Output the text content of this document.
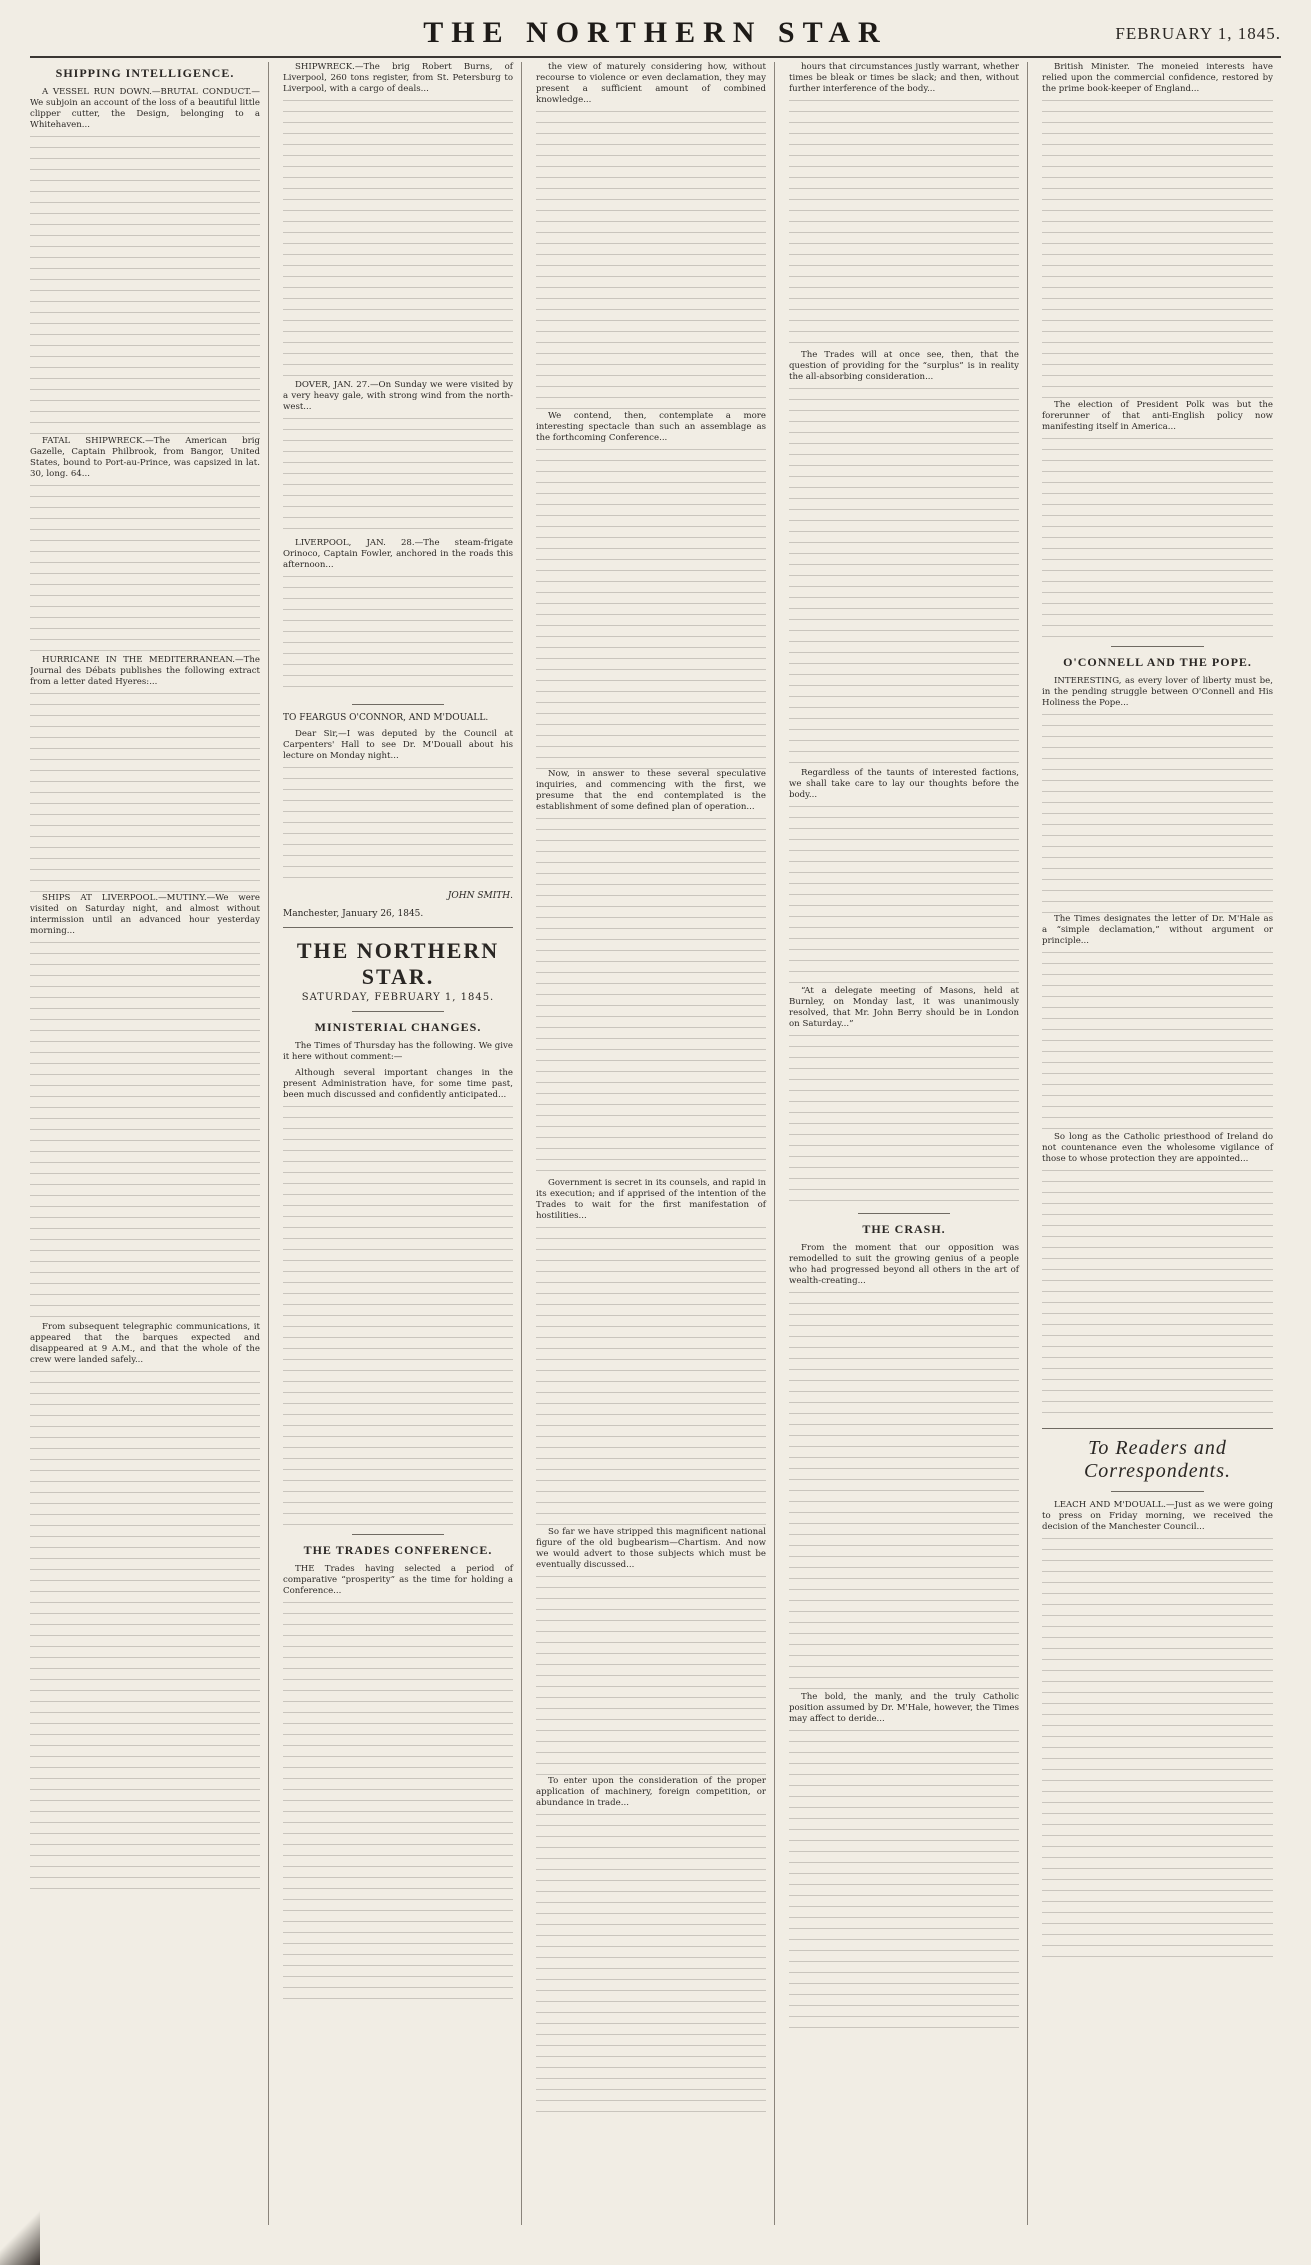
THE NORTHERN STAR	FEBRUARY 1, 1845.
SHIPPING INTELLIGENCE.

A VESSEL RUN DOWN.—BRUTAL CONDUCT.—We subjoin an account of the loss of a beautiful little clipper cutter, the Design, belonging to a Whitehaven...

FATAL SHIPWRECK.—The American brig Gazelle, Captain Philbrook, from Bangor, United States, bound to Port-au-Prince, was capsized in lat. 30, long. 64...

HURRICANE IN THE MEDITERRANEAN.—The Journal des Débats publishes the following extract from a letter dated Hyeres:...

SHIPS AT LIVERPOOL.—MUTINY.—We were visited on Saturday night, and almost without intermission until an advanced hour yesterday morning...

From subsequent telegraphic communications, it appeared that the barques expected and disappeared at 9 A.M., and that the whole of the crew were landed safely...

SHIPWRECK.—The brig Robert Burns, of Liverpool, 260 tons register, from St. Petersburg to Liverpool, with a cargo of deals...

DOVER, JAN. 27.—On Sunday we were visited by a very heavy gale, with strong wind from the north-west...

LIVERPOOL, JAN. 28.—The steam-frigate Orinoco, Captain Fowler, anchored in the roads this afternoon...

TO FEARGUS O'CONNOR, AND M'DOUALL.

Dear Sir,—I was deputed by the Council at Carpenters' Hall to see Dr. M'Douall about his lecture on Monday night...

JOHN SMITH.
Manchester, January 26, 1845.
THE NORTHERN STAR.
SATURDAY, FEBRUARY 1, 1845.
MINISTERIAL CHANGES.

The Times of Thursday has the following. We give it here without comment:—

Although several important changes in the present Administration have, for some time past, been much discussed and confidently anticipated...

THE TRADES CONFERENCE.

THE Trades having selected a period of comparative “prosperity” as the time for holding a Conference...

the view of maturely considering how, without recourse to violence or even declamation, they may present a sufficient amount of combined knowledge...

We contend, then, contemplate a more interesting spectacle than such an assemblage as the forthcoming Conference...

Now, in answer to these several speculative inquiries, and commencing with the first, we presume that the end contemplated is the establishment of some defined plan of operation...

Government is secret in its counsels, and rapid in its execution; and if apprised of the intention of the Trades to wait for the first manifestation of hostilities...

So far we have stripped this magnificent national figure of the old bugbearism—Chartism. And now we would advert to those subjects which must be eventually discussed...

To enter upon the consideration of the proper application of machinery, foreign competition, or abundance in trade...

hours that circumstances justly warrant, whether times be bleak or times be slack; and then, without further interference of the body...

The Trades will at once see, then, that the question of providing for the “surplus” is in reality the all-absorbing consideration...

Regardless of the taunts of interested factions, we shall take care to lay our thoughts before the body...

“At a delegate meeting of Masons, held at Burnley, on Monday last, it was unanimously resolved, that Mr. John Berry should be in London on Saturday...”

THE CRASH.

From the moment that our opposition was remodelled to suit the growing genius of a people who had progressed beyond all others in the art of wealth-creating...

The bold, the manly, and the truly Catholic position assumed by Dr. M'Hale, however, the Times may affect to deride...

British Minister. The moneied interests have relied upon the commercial confidence, restored by the prime book-keeper of England...

The election of President Polk was but the forerunner of that anti-English policy now manifesting itself in America...

O'CONNELL AND THE POPE.

INTERESTING, as every lover of liberty must be, in the pending struggle between O'Connell and His Holiness the Pope...

The Times designates the letter of Dr. M'Hale as a “simple declamation,” without argument or principle...

So long as the Catholic priesthood of Ireland do not countenance even the wholesome vigilance of those to whose protection they are appointed...

To Readers and Correspondents.

LEACH AND M'DOUALL.—Just as we were going to press on Friday morning, we received the decision of the Manchester Council...
